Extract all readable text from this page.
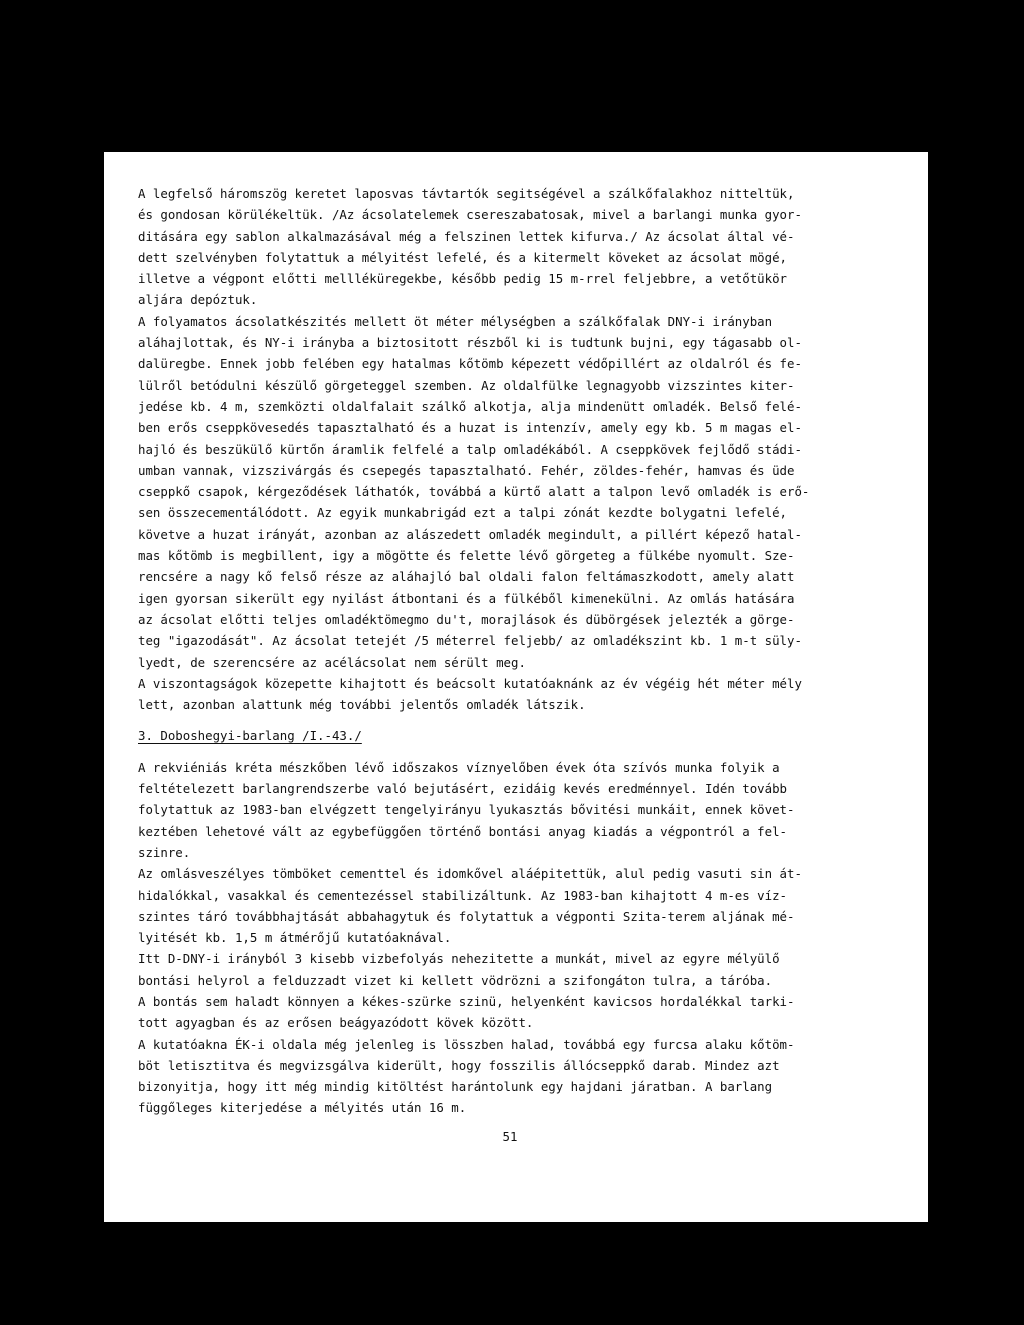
A legfelső háromszög keretet laposvas távtartók segitségével a szálkőfalakhoz nitteltük,
és gondosan körülékeltük. /Az ácsolatelemek csereszabatosak, mivel a barlangi munka gyor-
ditására egy sablon alkalmazásával még a felszinen lettek kifurva./ Az ácsolat által vé-
dett szelvényben folytattuk a mélyitést lefelé, és a kitermelt köveket az ácsolat mögé,
illetve a végpont előtti mellléküregekbe, később pedig 15 m-rrel feljebbre, a vetőtükör
aljára depóztuk.
A folyamatos ácsolatkészités mellett öt méter mélységben a szálkőfalak DNY-i irányban
aláhajlottak, és NY-i irányba a biztositott részből ki is tudtunk bujni, egy tágasabb ol-
dalüregbe. Ennek jobb felében egy hatalmas kőtömb képezett védőpillért az oldalról és fe-
lülről betódulni készülő görgeteggel szemben. Az oldalfülke legnagyobb vizszintes kiter-
jedése kb. 4 m, szemközti oldalfalait szálkő alkotja, alja mindenütt omladék. Belső felé-
ben erős cseppkövesedés tapasztalható és a huzat is intenzív, amely egy kb. 5 m magas el-
hajló és beszükülő kürtőn áramlik felfelé a talp omladékából. A cseppkövek fejlődő stádi-
umban vannak, vizszivárgás és csepegés tapasztalható. Fehér, zöldes-fehér, hamvas és üde
cseppkő csapok, kérgeződések láthatók, továbbá a kürtő alatt a talpon levő omladék is erő-
sen összecementálódott. Az egyik munkabrigád ezt a talpi zónát kezdte bolygatni lefelé,
követve a huzat irányát, azonban az alászedett omladék megindult, a pillért képező hatal-
mas kőtömb is megbillent, igy a mögötte és felette lévő görgeteg a fülkébe nyomult. Sze-
rencsére a nagy kő felső része az aláhajló bal oldali falon feltámaszkodott, amely alatt
igen gyorsan sikerült egy nyilást átbontani és a fülkéből kimenekülni. Az omlás hatására
az ácsolat előtti teljes omladéktömegmo du't, morajlások és dübörgések jelezték a görge-
teg "igazodását". Az ácsolat tetejét /5 méterrel feljebb/ az omladékszint kb. 1 m-t süly-
lyedt, de szerencsére az acélácsolat nem sérült meg.
A viszontagságok közepette kihajtott és beácsolt kutatóaknánk az év végéig hét méter mély
lett, azonban alattunk még további jelentős omladék látszik.
3. Doboshegyi-barlang /I.-43./
A rekviéniás kréta mészkőben lévő időszakos víznyelőben évek óta szívós munka folyik a
feltételezett barlangrendszerbe való bejutásért, ezidáig kevés eredménnyel. Idén tovább
folytattuk az 1983-ban elvégzett tengelyirányu lyukasztás bővitési munkáit, ennek követ-
keztében lehetové vált az egybefüggően történő bontási anyag kiadás a végpontról a fel-
szinre.
Az omlásveszélyes tömböket cementtel és idomkővel aláépitettük, alul pedig vasuti sin át-
hidalókkal, vasakkal és cementezéssel stabilizáltunk. Az 1983-ban kihajtott 4 m-es víz-
szintes táró továbbhajtását abbahagytuk és folytattuk a végponti Szita-terem aljának mé-
lyitését kb. 1,5 m átmérőjű kutatóaknával.
Itt D-DNY-i irányból 3 kisebb vizbefolyás nehezitette a munkát, mivel az egyre mélyülő
bontási helyrol a felduzzadt vizet ki kellett vödrözni a szifongáton tulra, a táróba.
A bontás sem haladt könnyen a kékes-szürke szinü, helyenként kavicsos hordalékkal tarki-
tott agyagban és az erősen beágyazódott kövek között.
A kutatóakna ÉK-i oldala még jelenleg is lösszben halad, továbbá egy furcsa alaku kőtöm-
böt letisztitva és megvizsgálva kiderült, hogy fosszilis állócseppkő darab. Mindez azt
bizonyitja, hogy itt még mindig kitöltést harántolunk egy hajdani járatban. A barlang
függőleges kiterjedése a mélyités után 16 m.
51
